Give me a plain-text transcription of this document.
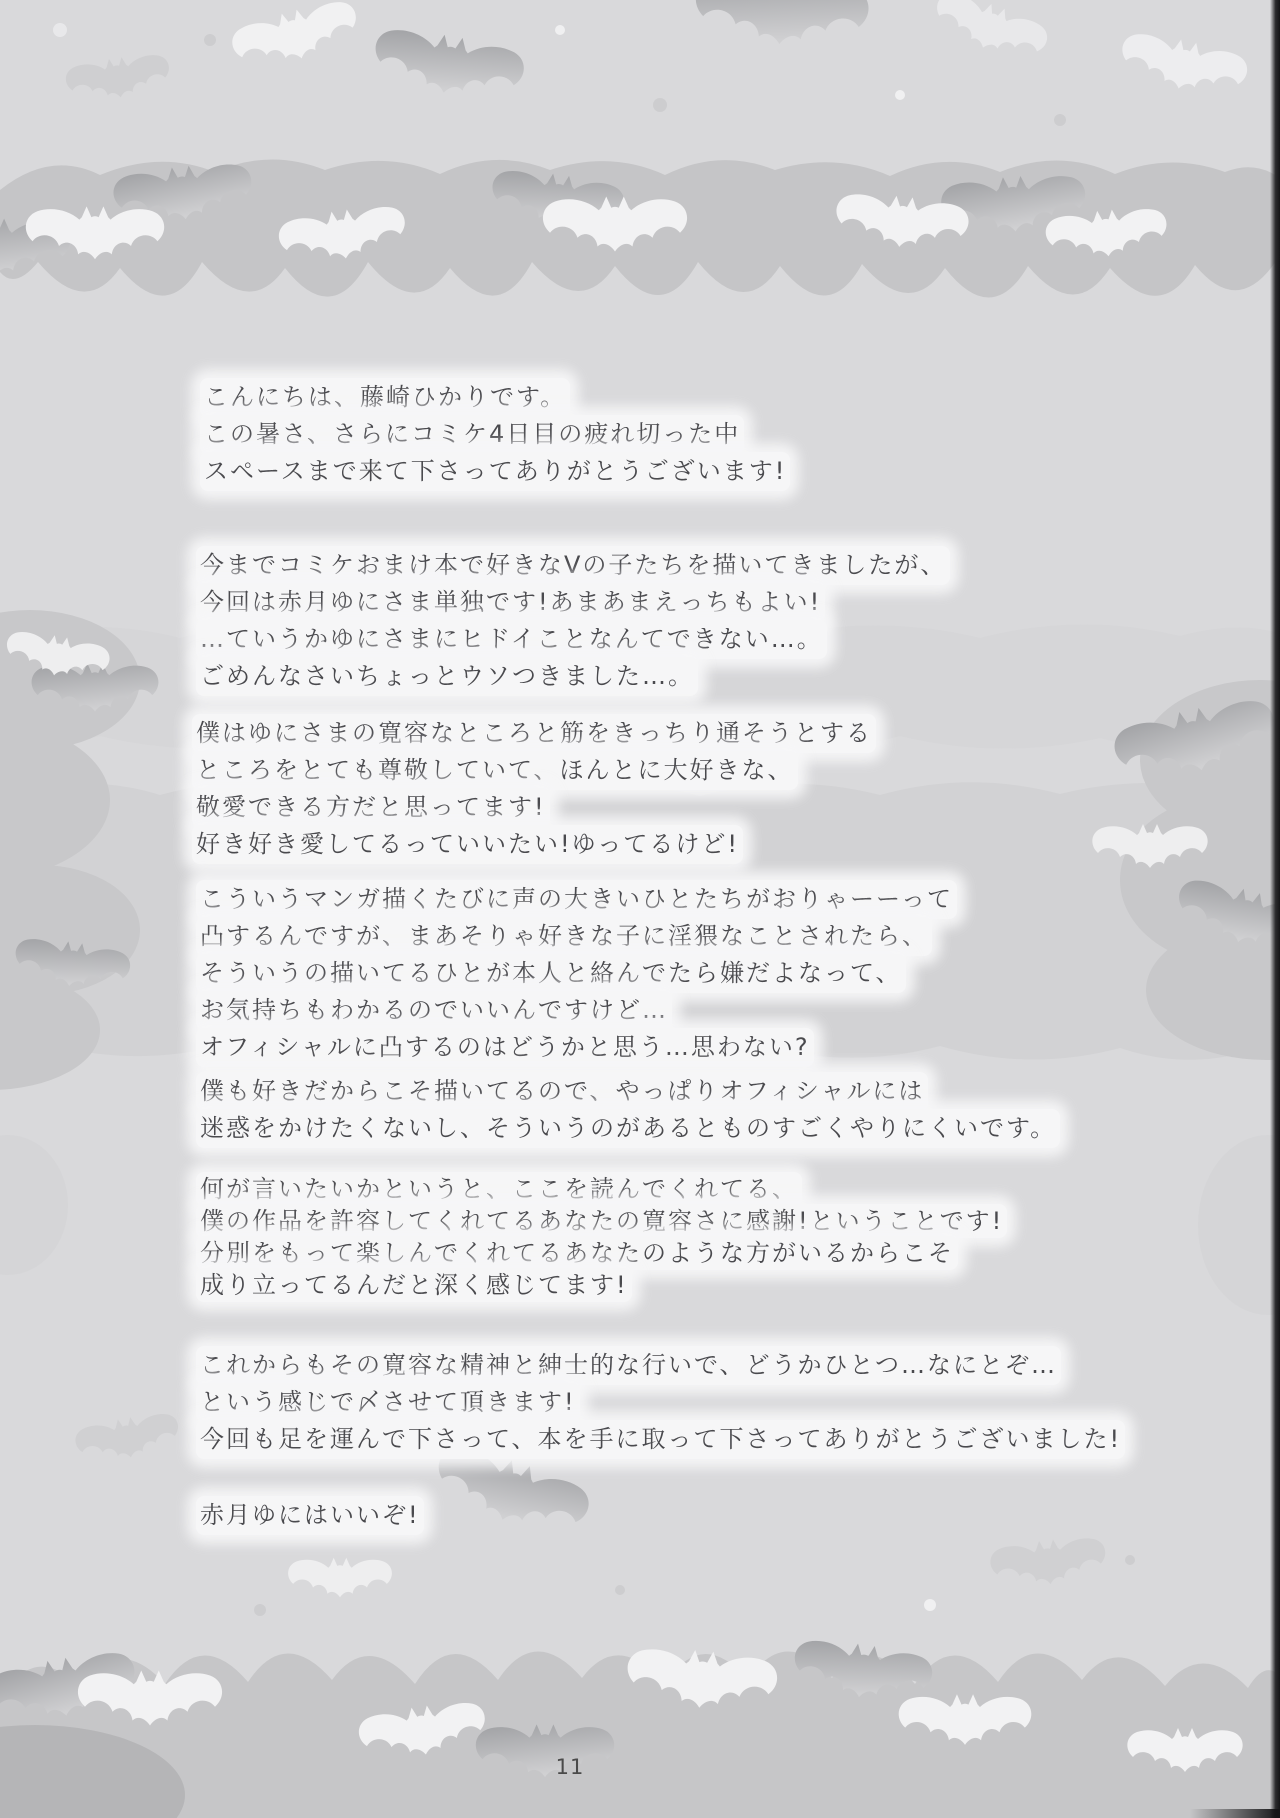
こんにちは、藤崎ひかりです。
この暑さ、さらにコミケ4日目の疲れ切った中
スペースまで来て下さってありがとうございます!
今までコミケおまけ本で好きなVの子たちを描いてきましたが、
今回は赤月ゆにさま単独です!あまあまえっちもよい!
…ていうかゆにさまにヒドイことなんてできない…。
ごめんなさいちょっとウソつきました…。
僕はゆにさまの寛容なところと筋をきっちり通そうとする
ところをとても尊敬していて、ほんとに大好きな、
敬愛できる方だと思ってます!
好き好き愛してるっていいたい!ゆってるけど!
こういうマンガ描くたびに声の大きいひとたちがおりゃーーって
凸するんですが、まあそりゃ好きな子に淫猥なことされたら、
そういうの描いてるひとが本人と絡んでたら嫌だよなって、
お気持ちもわかるのでいいんですけど…
オフィシャルに凸するのはどうかと思う…思わない?
僕も好きだからこそ描いてるので、やっぱりオフィシャルには
迷惑をかけたくないし、そういうのがあるとものすごくやりにくいです。
何が言いたいかというと、ここを読んでくれてる、
僕の作品を許容してくれてるあなたの寛容さに感謝!ということです!
分別をもって楽しんでくれてるあなたのような方がいるからこそ
成り立ってるんだと深く感じてます!
これからもその寛容な精神と紳士的な行いで、どうかひとつ…なにとぞ…
という感じで〆させて頂きます!
今回も足を運んで下さって、本を手に取って下さってありがとうございました!
赤月ゆにはいいぞ!
11
